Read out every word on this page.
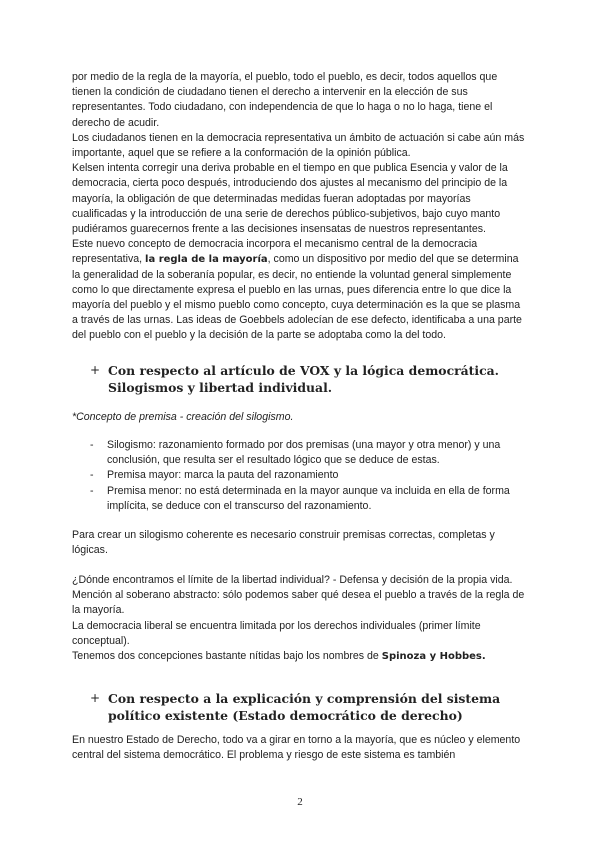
por medio de la regla de la mayoría, el pueblo, todo el pueblo, es decir, todos aquellos que tienen la condición de ciudadano tienen el derecho a intervenir en la elección de sus representantes. Todo ciudadano, con independencia de que lo haga o no lo haga, tiene el derecho de acudir.

Los ciudadanos tienen en la democracia representativa un ámbito de actuación si cabe aún más importante, aquel que se refiere a la conformación de la opinión pública.

Kelsen intenta corregir una deriva probable en el tiempo en que publica Esencia y valor de la democracia, cierta poco después, introduciendo dos ajustes al mecanismo del principio de la mayoría, la obligación de que determinadas medidas fueran adoptadas por mayorías cualificadas y la introducción de una serie de derechos público-subjetivos, bajo cuyo manto pudiéramos guarecernos frente a las decisiones insensatas de nuestros representantes.

Este nuevo concepto de democracia incorpora el mecanismo central de la democracia representativa, la regla de la mayoría, como un dispositivo por medio del que se determina la generalidad de la soberanía popular, es decir, no entiende la voluntad general simplemente como lo que directamente expresa el pueblo en las urnas, pues diferencia entre lo que dice la mayoría del pueblo y el mismo pueblo como concepto, cuya determinación es la que se plasma a través de las urnas. Las ideas de Goebbels adolecían de ese defecto, identificaba a una parte del pueblo con el pueblo y la decisión de la parte se adoptaba como la del todo.

+ Con respecto al artículo de VOX y la lógica democrática. Silogismos y libertad individual.
*Concepto de premisa - creación del silogismo.
- Silogismo: razonamiento formado por dos premisas (una mayor y otra menor) y una conclusión, que resulta ser el resultado lógico que se deduce de estas.
- Premisa mayor: marca la pauta del razonamiento
- Premisa menor: no está determinada en la mayor aunque va incluida en ella de forma implícita, se deduce con el transcurso del razonamiento.

Para crear un silogismo coherente es necesario construir premisas correctas, completas y lógicas.

¿Dónde encontramos el límite de la libertad individual? - Defensa y decisión de la propia vida.

Mención al soberano abstracto: sólo podemos saber qué desea el pueblo a través de la regla de la mayoría.

La democracia liberal se encuentra limitada por los derechos individuales (primer límite conceptual).

Tenemos dos concepciones bastante nítidas bajo los nombres de Spinoza y Hobbes.

+ Con respecto a la explicación y comprensión del sistema político existente (Estado democrático de derecho)

En nuestro Estado de Derecho, todo va a girar en torno a la mayoría, que es núcleo y elemento central del sistema democrático. El problema y riesgo de este sistema es también

2
